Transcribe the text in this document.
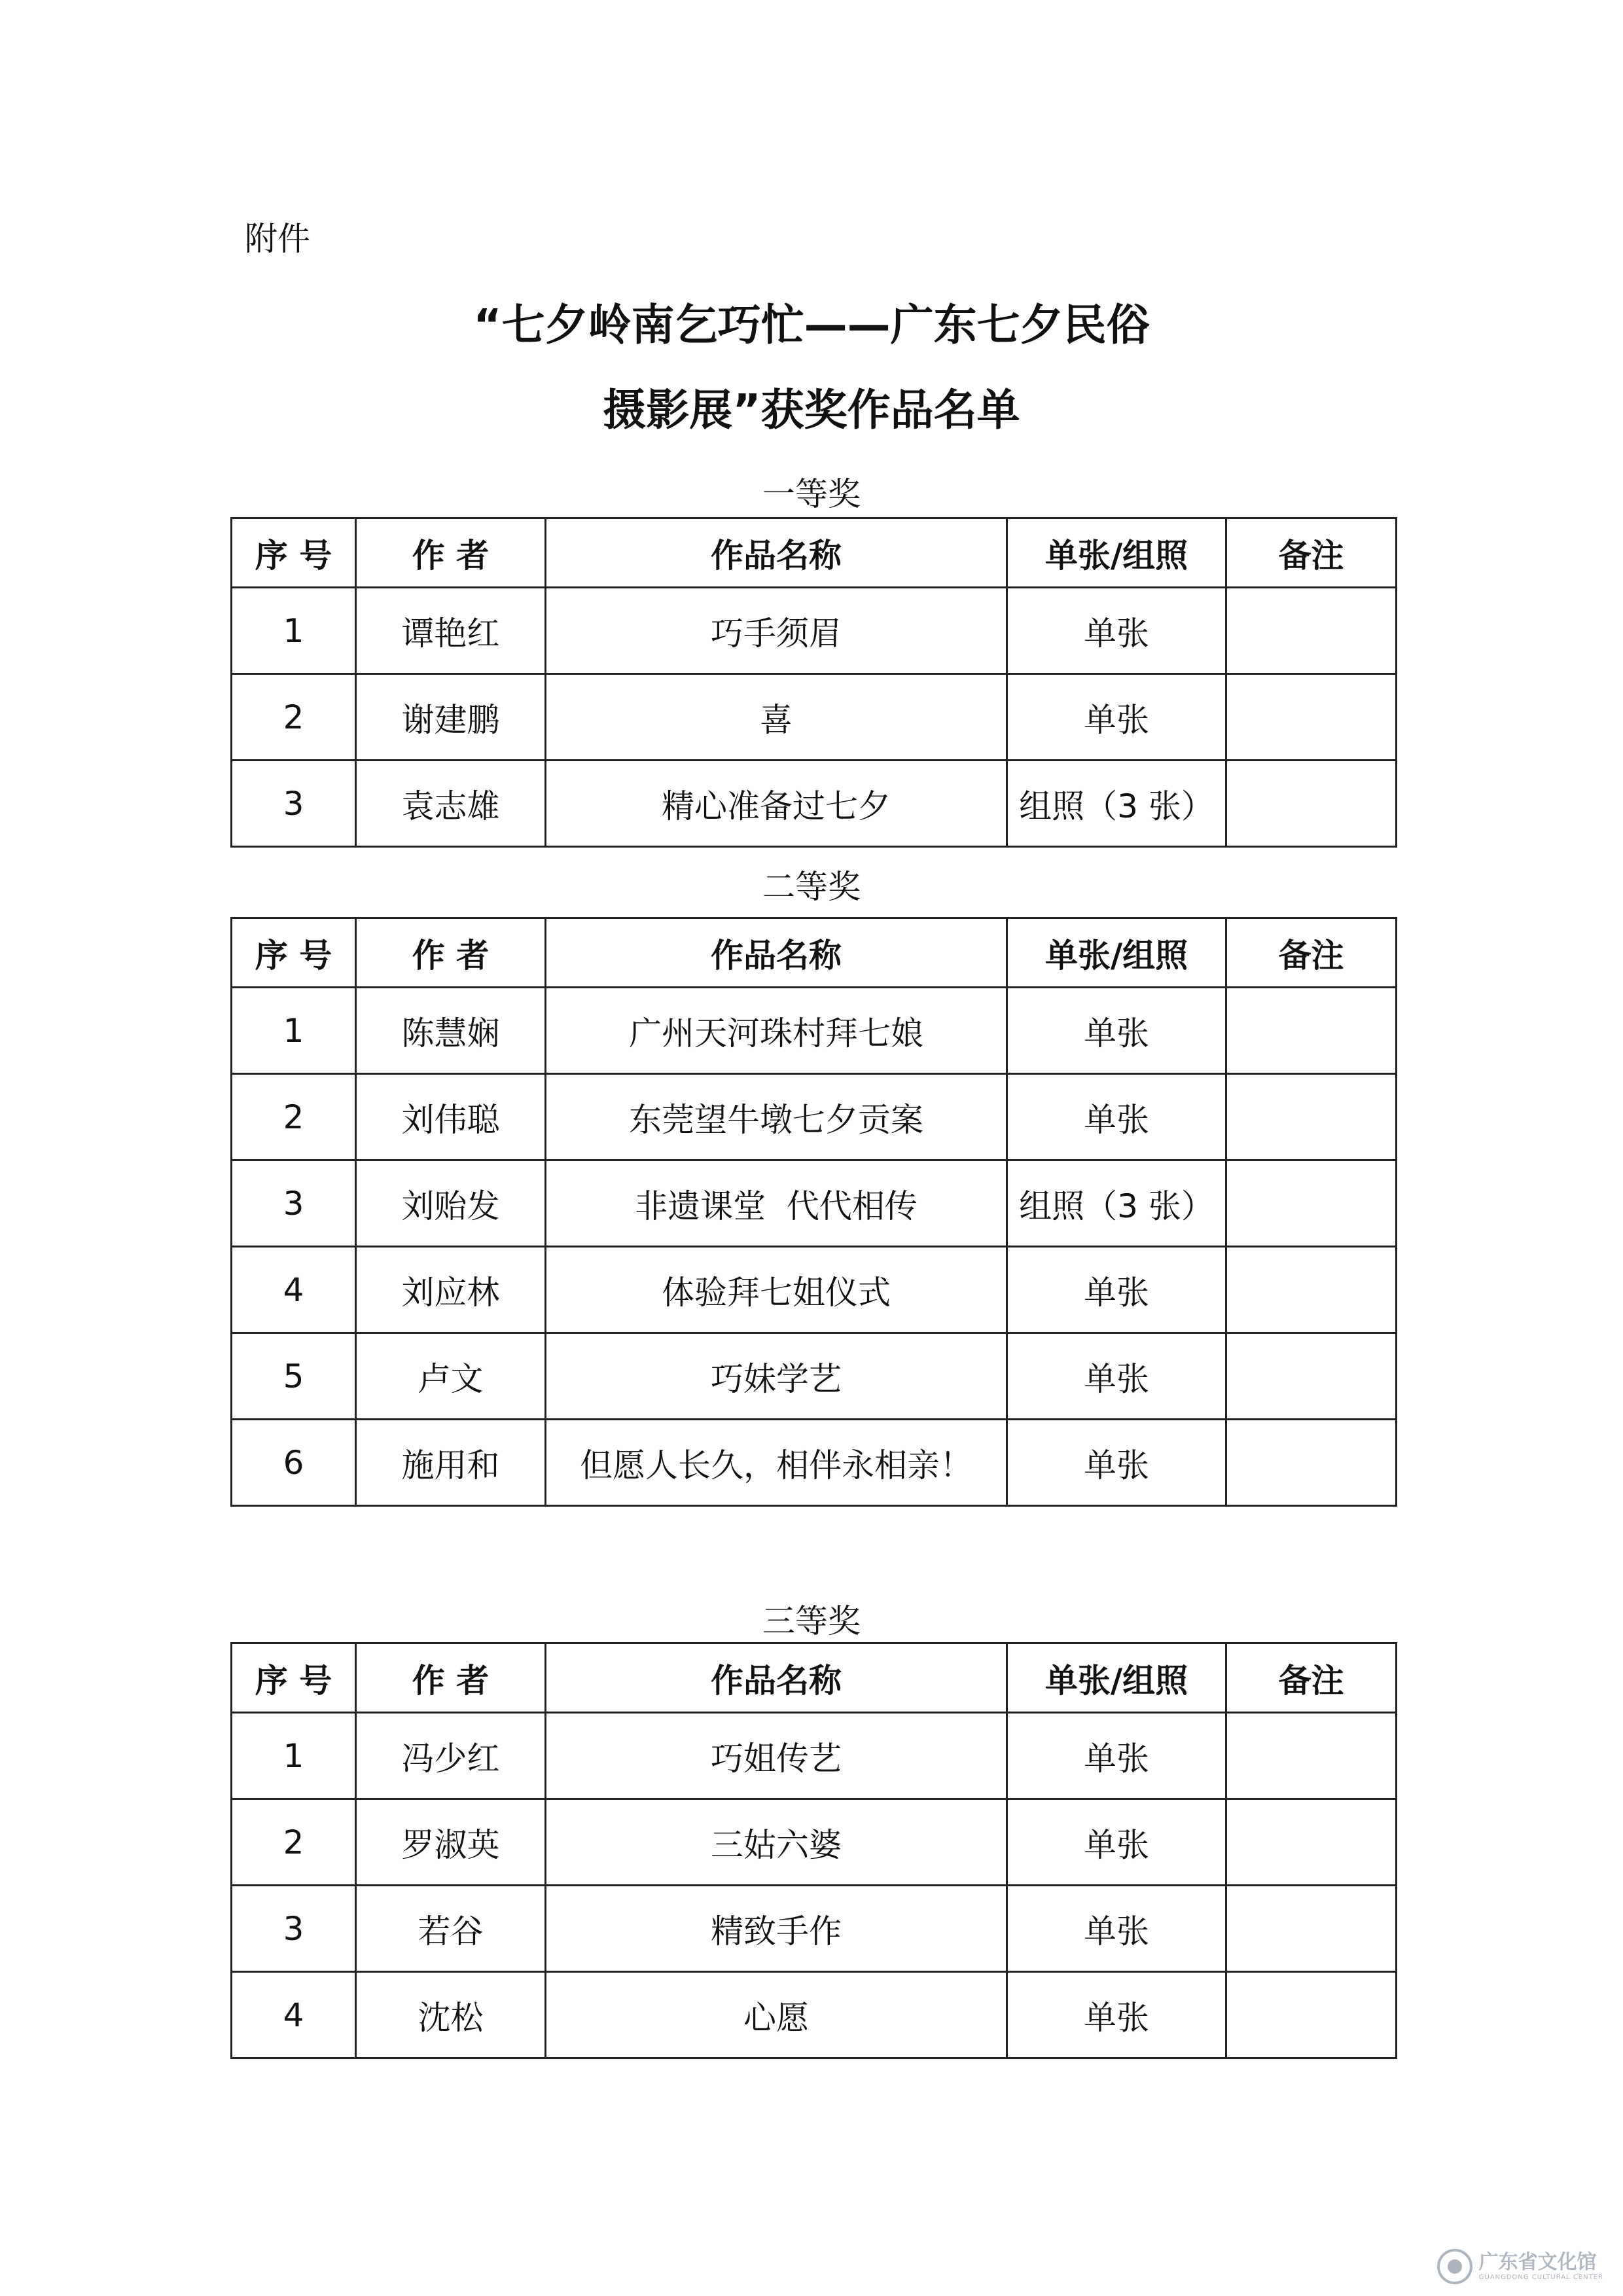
附件
“七夕岭南乞巧忙——广东七夕民俗
摄影展”获奖作品名单
一等奖
序 号	作 者	作品名称	单张/组照	备注
1	谭艳红	巧手须眉	单张	
2	谢建鹏	喜	单张	
3	袁志雄	精心准备过七夕	组照（3 张）	
二等奖
序 号	作 者	作品名称	单张/组照	备注
1	陈慧娴	广州天河珠村拜七娘	单张	
2	刘伟聪	东莞望牛墩七夕贡案	单张	
3	刘贻发	非遗课堂  代代相传	组照（3 张）	
4	刘应林	体验拜七姐仪式	单张	
5	卢文	巧妹学艺	单张	
6	施用和	但愿人长久，相伴永相亲！	单张	
三等奖
序 号	作 者	作品名称	单张/组照	备注
1	冯少红	巧姐传艺	单张	
2	罗淑英	三姑六婆	单张	
3	若谷	精致手作	单张	
4	沈松	心愿	单张	
广东省文化馆
GUANGDONG CULTURAL CENTER
